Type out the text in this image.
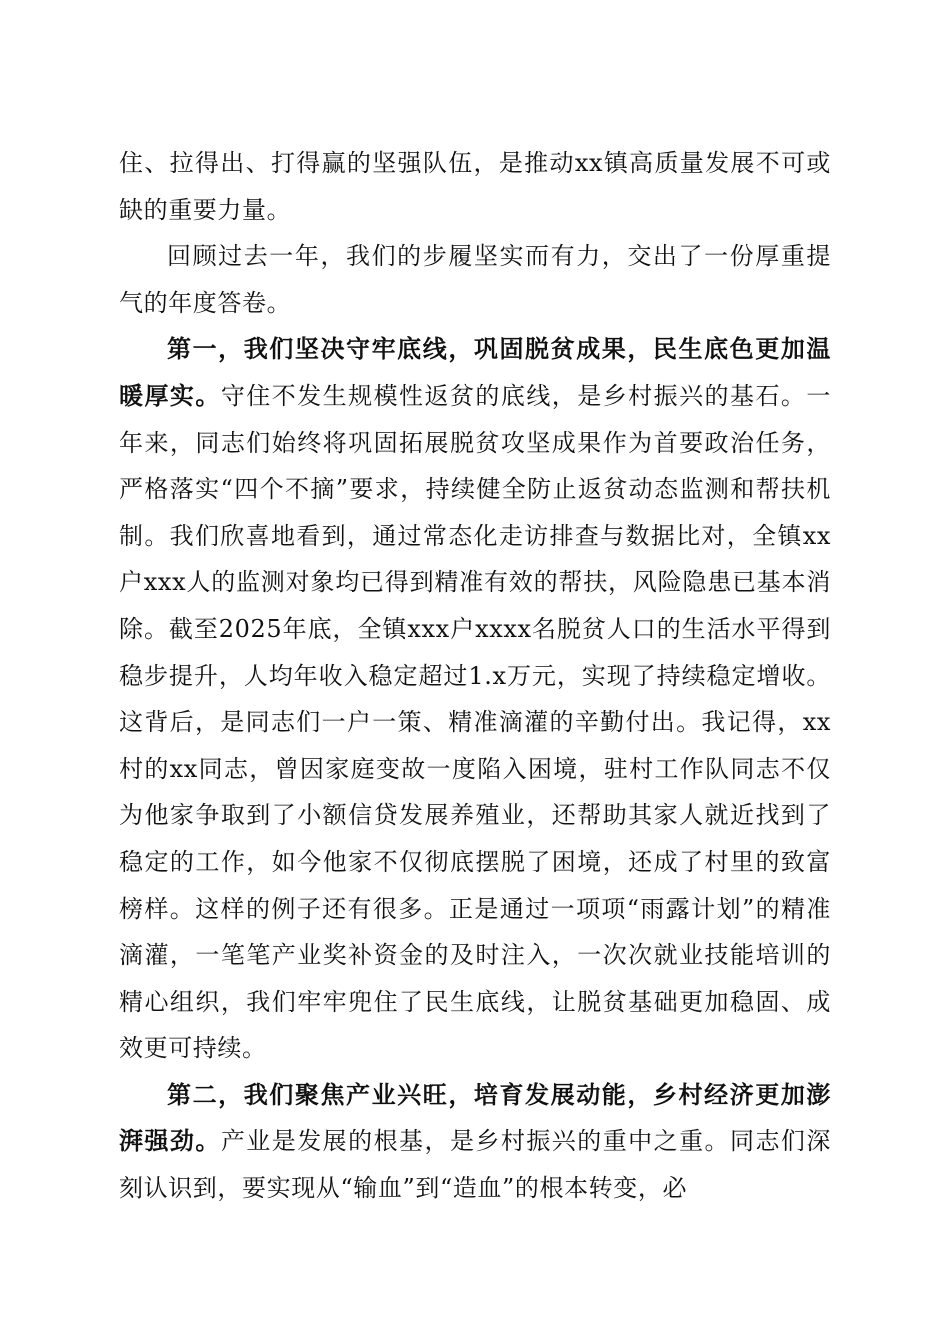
住、拉得出、打得赢的坚强队伍，是推动xx镇高质量发展不可或缺的重要力量。

回顾过去一年，我们的步履坚实而有力，交出了一份厚重提气的年度答卷。

第一，我们坚决守牢底线，巩固脱贫成果，民生底色更加温暖厚实。守住不发生规模性返贫的底线，是乡村振兴的基石。一年来，同志们始终将巩固拓展脱贫攻坚成果作为首要政治任务，严格落实“四个不摘”要求，持续健全防止返贫动态监测和帮扶机制。我们欣喜地看到，通过常态化走访排查与数据比对，全镇xx户xxx人的监测对象均已得到精准有效的帮扶，风险隐患已基本消除。截至2025年底，全镇xxx户xxxx名脱贫人口的生活水平得到稳步提升，人均年收入稳定超过1.x万元，实现了持续稳定增收。这背后，是同志们一户一策、精准滴灌的辛勤付出。我记得，xx村的xx同志，曾因家庭变故一度陷入困境，驻村工作队同志不仅为他家争取到了小额信贷发展养殖业，还帮助其家人就近找到了稳定的工作，如今他家不仅彻底摆脱了困境，还成了村里的致富榜样。这样的例子还有很多。正是通过一项项“雨露计划”的精准滴灌，一笔笔产业奖补资金的及时注入，一次次就业技能培训的精心组织，我们牢牢兜住了民生底线，让脱贫基础更加稳固、成效更可持续。

第二，我们聚焦产业兴旺，培育发展动能，乡村经济更加澎湃强劲。产业是发展的根基，是乡村振兴的重中之重。同志们深刻认识到，要实现从“输血”到“造血”的根本转变，必
